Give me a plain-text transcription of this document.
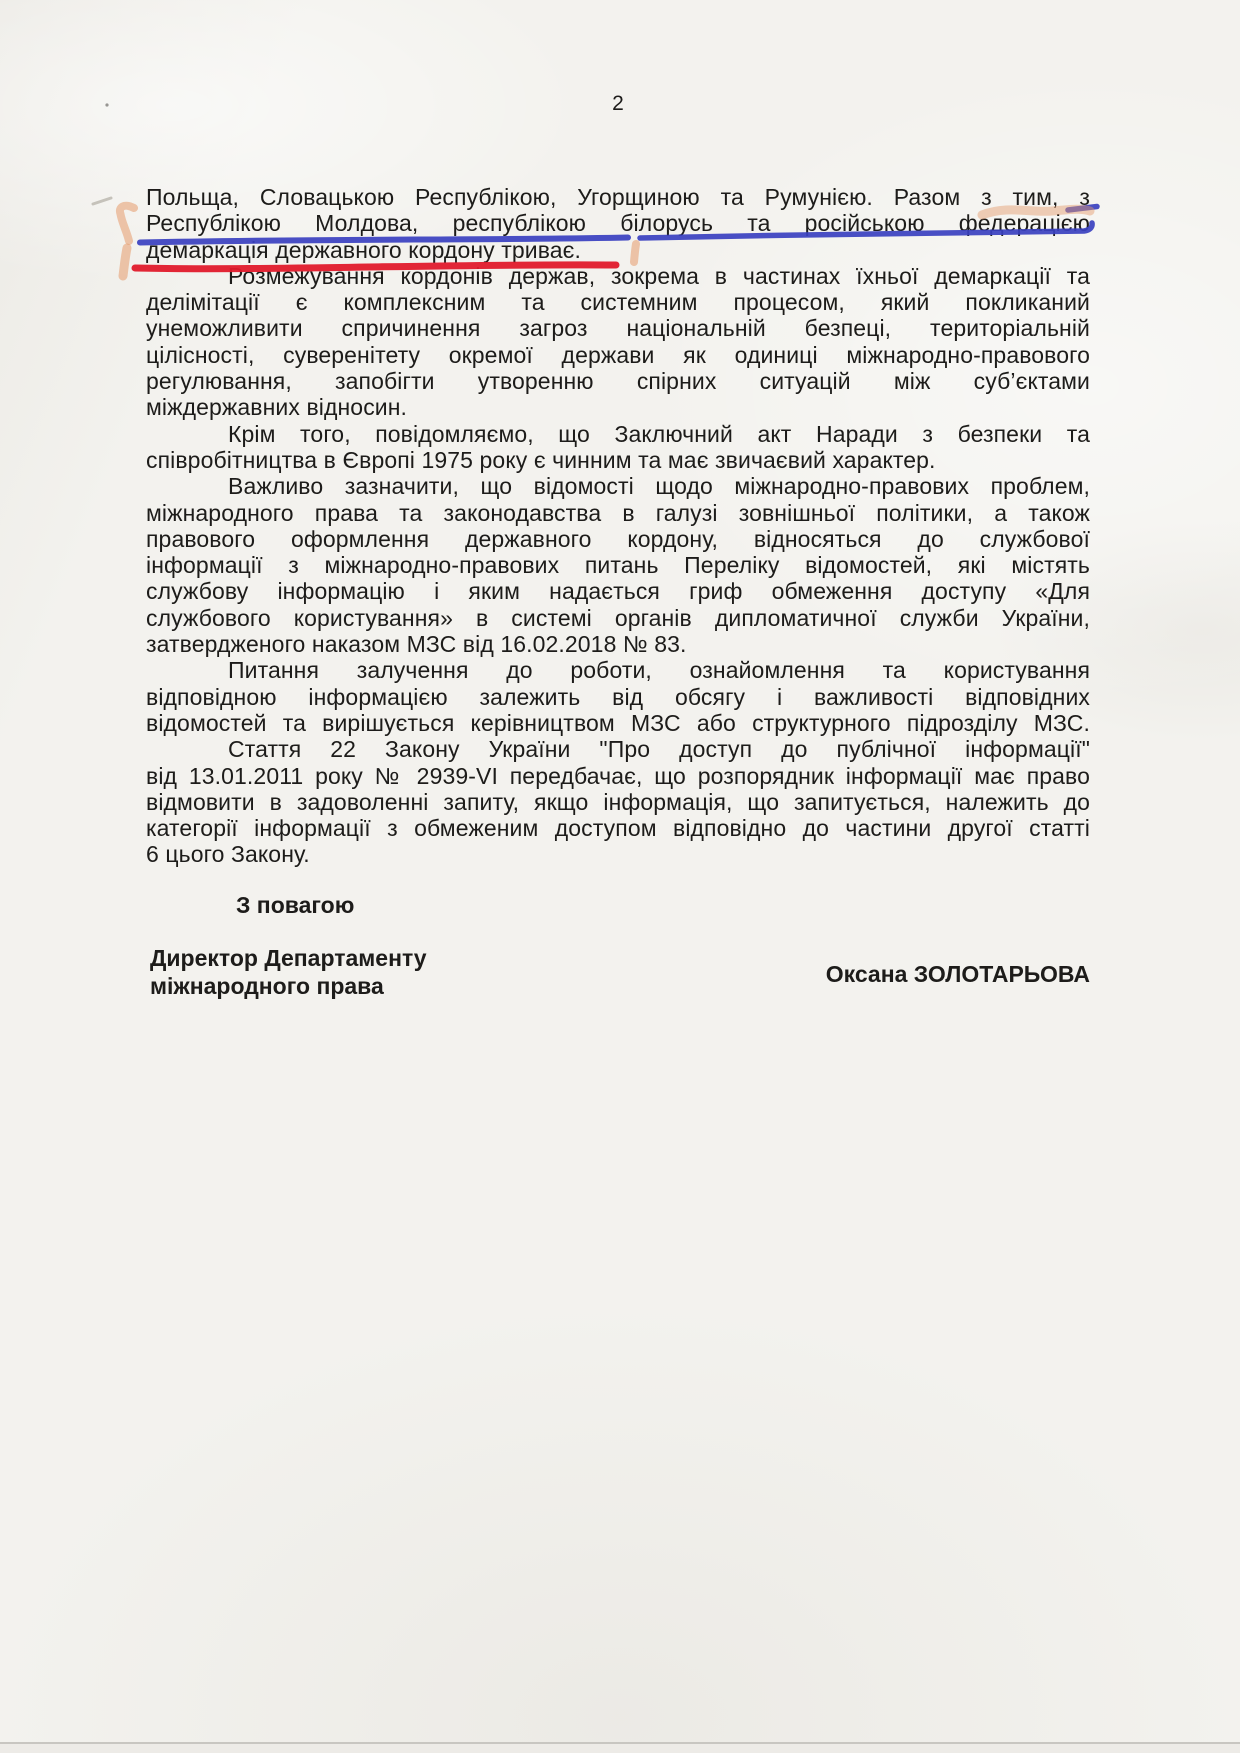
2
Польща, Словацькою Республікою, Угорщиною та Румунією. Разом з тим, з
Республікою Молдова, республікою білорусь та російською федерацією
демаркація державного кордону триває.
Розмежування кордонів держав, зокрема в частинах їхньої демаркації та
делімітації є комплексним та системним процесом, який покликаний
унеможливити спричинення загроз національній безпеці, територіальній
цілісності, суверенітету окремої держави як одиниці міжнародно-правового
регулювання, запобігти утворенню спірних ситуацій між суб’єктами
міждержавних відносин.
Крім того, повідомляємо, що Заключний акт Наради з безпеки та
співробітництва в Європі 1975 року є чинним та має звичаєвий характер.
Важливо зазначити, що відомості щодо міжнародно-правових проблем,
міжнародного права та законодавства в галузі зовнішньої політики, а також
правового оформлення державного кордону, відносяться до службової
інформації з міжнародно-правових питань Переліку відомостей, які містять
службову інформацію і яким надається гриф обмеження доступу «Для
службового користування» в системі органів дипломатичної служби України,
затвердженого наказом МЗС від 16.02.2018 № 83.
Питання залучення до роботи, ознайомлення та користування
відповідною інформацією залежить від обсягу і важливості відповідних
відомостей та вирішується керівництвом МЗС або структурного підрозділу МЗС.
Стаття 22 Закону України "Про доступ до публічної інформації"
від 13.01.2011 року № 2939-VI передбачає, що розпорядник інформації має право
відмовити в задоволенні запиту, якщо інформація, що запитується, належить до
категорії інформації з обмеженим доступом відповідно до частини другої статті
6 цього Закону.
З повагою
Директор Департаменту
міжнародного права	Оксана ЗОЛОТАРЬОВА
